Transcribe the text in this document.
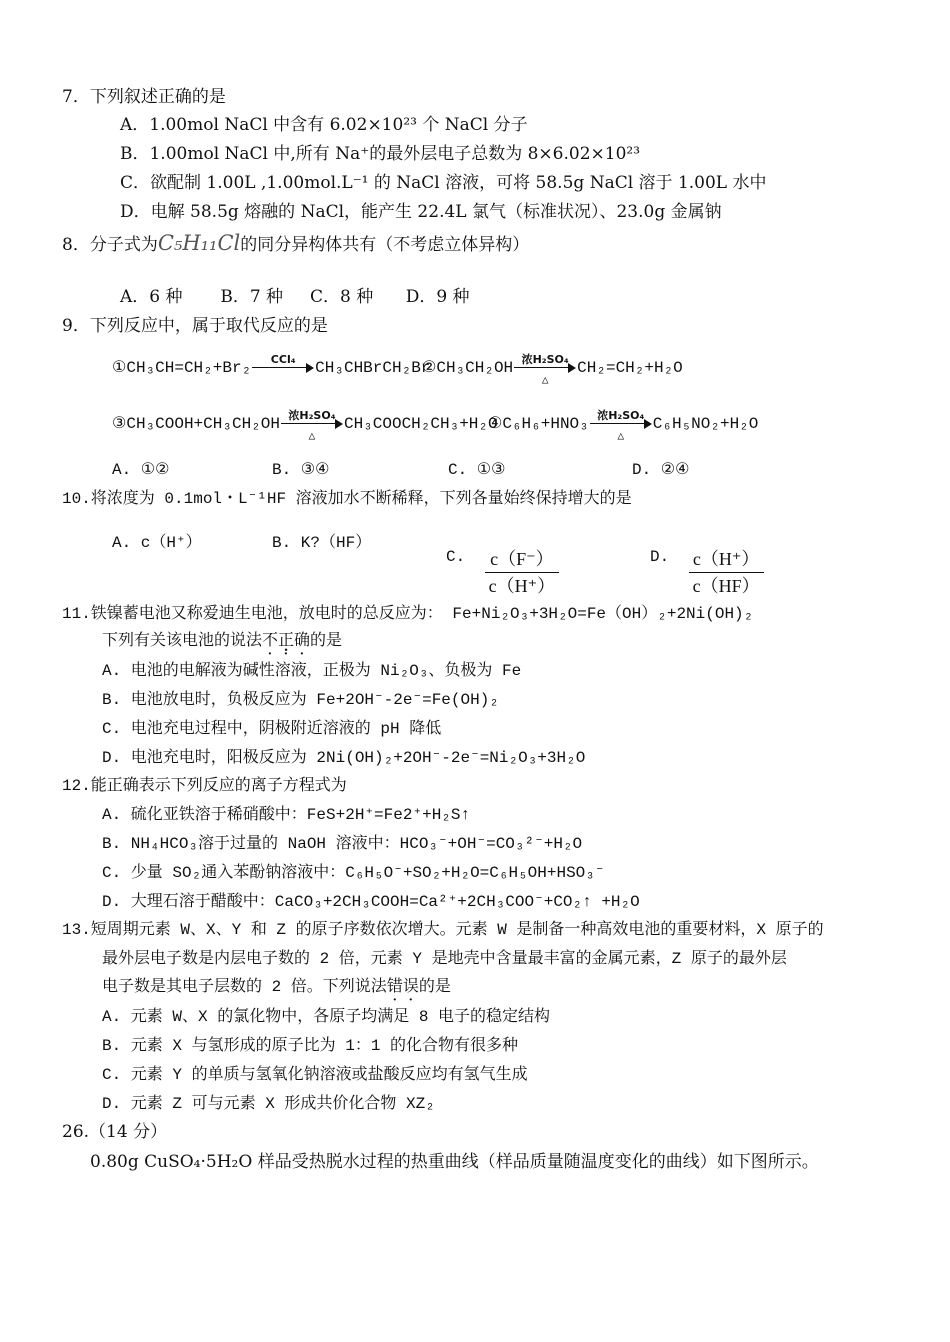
7．下列叙述正确的是
A．1.00mol NaCl 中含有 6.02×10²³ 个 NaCl 分子
B．1.00mol NaCl 中,所有 Na⁺的最外层电子总数为 8×6.02×10²³
C．欲配制 1.00L ,1.00mol.L⁻¹ 的 NaCl 溶液，可将 58.5g NaCl 溶于 1.00L 水中
D．电解 58.5g 熔融的 NaCl，能产生 22.4L 氯气（标准状况）、23.0g 金属钠
8．分子式为C₅H₁₁Cl的同分异构体共有（不考虑立体异构）
A．6 种       B．7 种     C．8 种      D．9 种
9．下列反应中，属于取代反应的是
①CH₃CH=CH₂+Br₂	CCl₄	CH₃CHBrCH₂Br
②CH₃CH₂OH 浓H₂SO₄
△
CH₂=CH₂+H₂O
③CH₃COOH+CH₃CH₂OH 浓H₂SO₄
△
CH₃COOCH₂CH₃+H₂O
④C₆H₆+HNO₃ 浓H₂SO₄
△
C₆H₅NO₂+H₂O
A. ①②	B. ③④	C. ①③	D. ②④
10.将浓度为 0.1mol・L⁻¹HF 溶液加水不断稀释，下列各量始终保持增大的是
A. c（H⁺）	B. K?（HF）
C. $\frac{c(F^-)}{c(H^+)}$	D. $\frac{c(H^+)}{c(HF)}$
11.铁镍蓄电池又称爱迪生电池，放电时的总反应为： Fe+Ni₂O₃+3H₂O=Fe（OH）₂+2Ni(OH)₂
下列有关该电池的说法不正确的是
A. 电池的电解液为碱性溶液，正极为 Ni₂O₃、负极为 Fe
B. 电池放电时，负极反应为 Fe+2OH⁻-2e⁻=Fe(OH)₂
C. 电池充电过程中，阴极附近溶液的 pH 降低
D. 电池充电时，阳极反应为 2Ni(OH)₂+2OH⁻-2e⁻=Ni₂O₃+3H₂O
12.能正确表示下列反应的离子方程式为
A. 硫化亚铁溶于稀硝酸中：FeS+2H⁺=Fe2⁺+H₂S↑
B. NH₄HCO₃溶于过量的 NaOH 溶液中：HCO₃⁻+OH⁻=CO₃²⁻+H₂O
C. 少量 SO₂通入苯酚钠溶液中：C₆H₅O⁻+SO₂+H₂O=C₆H₅OH+HSO₃⁻
D. 大理石溶于醋酸中：CaCO₃+2CH₃COOH=Ca²⁺+2CH₃COO⁻+CO₂↑ +H₂O
13.短周期元素 W、X、Y 和 Z 的原子序数依次增大。元素 W 是制备一种高效电池的重要材料，X 原子的
最外层电子数是内层电子数的 2 倍，元素 Y 是地壳中含量最丰富的金属元素，Z 原子的最外层
电子数是其电子层数的 2 倍。下列说法错误的是
A. 元素 W、X 的氯化物中，各原子均满足 8 电子的稳定结构
B. 元素 X 与氢形成的原子比为 1：1 的化合物有很多种
C. 元素 Y 的单质与氢氧化钠溶液或盐酸反应均有氢气生成
D. 元素 Z 可与元素 X 形成共价化合物 XZ₂
26.（14 分）
0.80g CuSO₄·5H₂O 样品受热脱水过程的热重曲线（样品质量随温度变化的曲线）如下图所示。
